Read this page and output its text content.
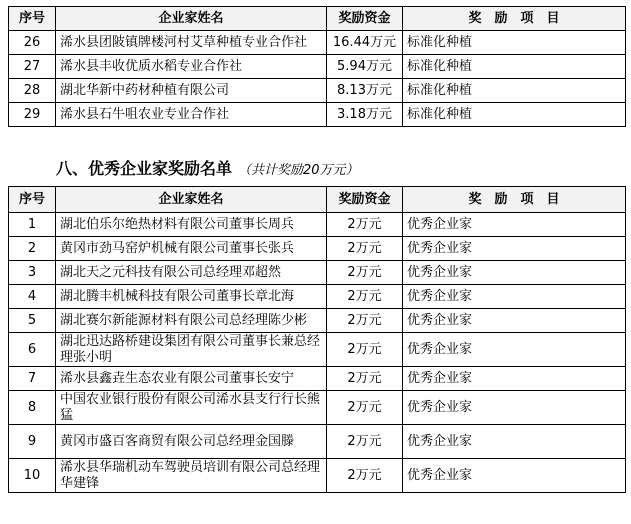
序号	企业家姓名	奖励资金	奖　励　项　目
26	浠水县团陂镇牌楼河村艾草种植专业合作社	16.44万元	标准化种植
27	浠水县丰收优质水稻专业合作社	5.94万元	标准化种植
28	湖北华新中药材种植有限公司	8.13万元	标准化种植
29	浠水县石牛咀农业专业合作社	3.18万元	标准化种植
八、优秀企业家奖励名单 （共计奖励20万元）
序号	企业家姓名	奖励资金	奖　励　项　目
1	湖北伯乐尔绝热材料有限公司董事长周兵	2万元	优秀企业家
2	黄冈市劲马窑炉机械有限公司董事长张兵	2万元	优秀企业家
3	湖北天之元科技有限公司总经理邓超然	2万元	优秀企业家
4	湖北腾丰机械科技有限公司董事长章北海	2万元	优秀企业家
5	湖北赛尔新能源材料有限公司总经理陈少彬	2万元	优秀企业家
6	湖北迅达路桥建设集团有限公司董事长兼总经理张小明	2万元	优秀企业家
7	浠水县鑫垚生态农业有限公司董事长安宁	2万元	优秀企业家
8	中国农业银行股份有限公司浠水县支行行长熊猛	2万元	优秀企业家
9	黄冈市盛百客商贸有限公司总经理金国滕	2万元	优秀企业家
10	浠水县华瑞机动车驾驶员培训有限公司总经理华建锋	2万元	优秀企业家
